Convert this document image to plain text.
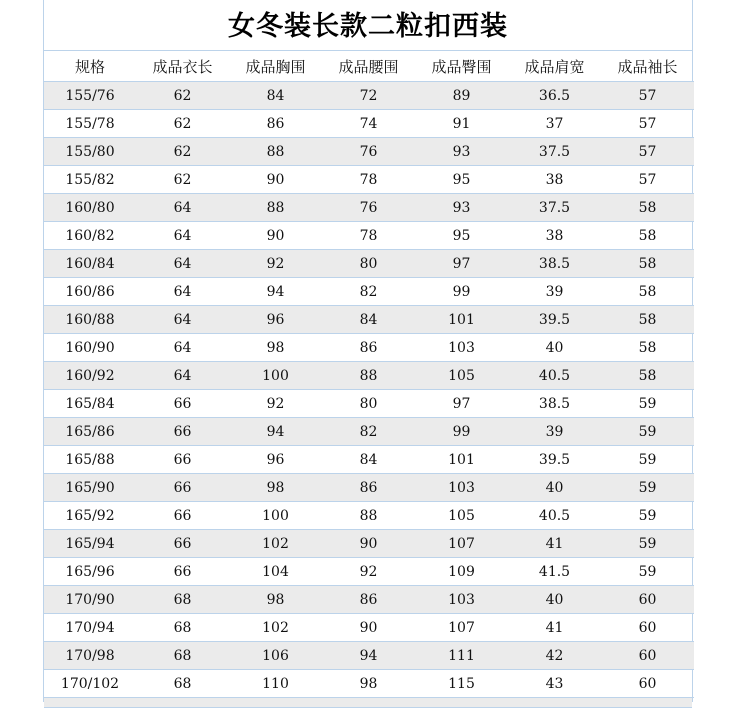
女冬装长款二粒扣西装
规格	成品衣长	成品胸围	成品腰围	成品臀围	成品肩宽	成品袖长
155/76	62	84	72	89	36.5	57
155/78	62	86	74	91	37	57
155/80	62	88	76	93	37.5	57
155/82	62	90	78	95	38	57
160/80	64	88	76	93	37.5	58
160/82	64	90	78	95	38	58
160/84	64	92	80	97	38.5	58
160/86	64	94	82	99	39	58
160/88	64	96	84	101	39.5	58
160/90	64	98	86	103	40	58
160/92	64	100	88	105	40.5	58
165/84	66	92	80	97	38.5	59
165/86	66	94	82	99	39	59
165/88	66	96	84	101	39.5	59
165/90	66	98	86	103	40	59
165/92	66	100	88	105	40.5	59
165/94	66	102	90	107	41	59
165/96	66	104	92	109	41.5	59
170/90	68	98	86	103	40	60
170/94	68	102	90	107	41	60
170/98	68	106	94	111	42	60
170/102	68	110	98	115	43	60
